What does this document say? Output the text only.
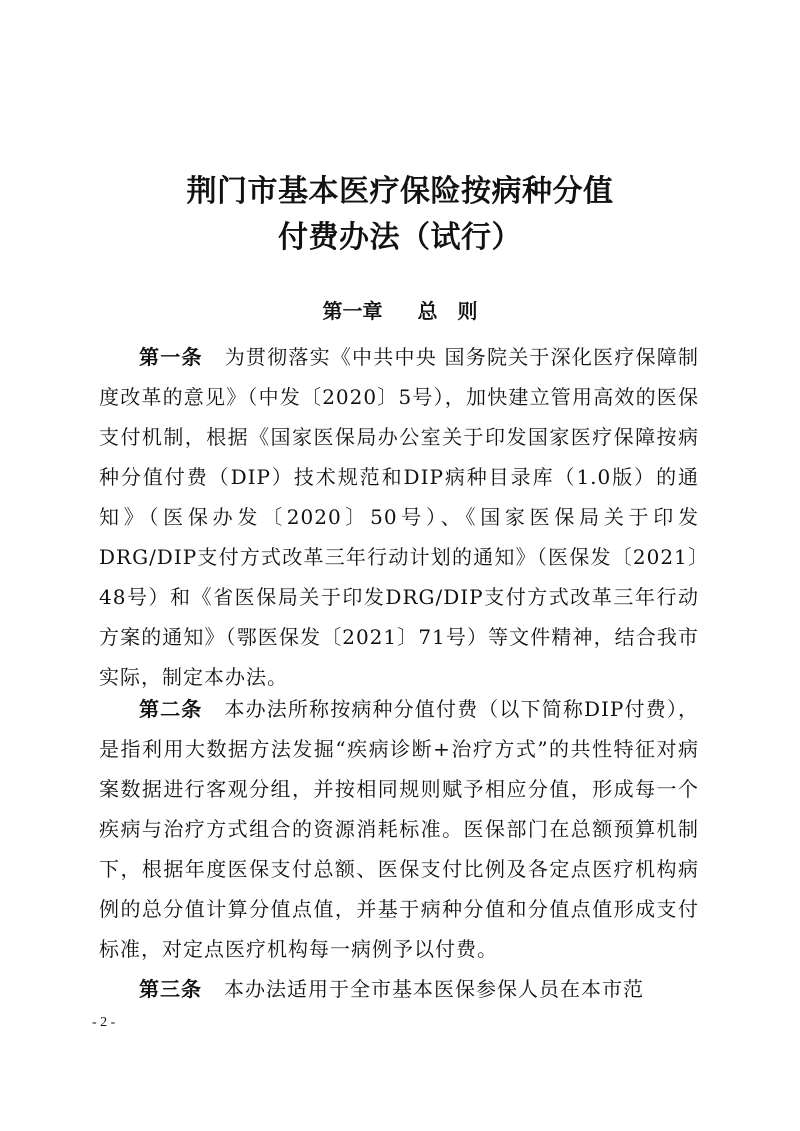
荆门市基本医疗保险按病种分值
付费办法（试行）
第一章 总　则

第一条 为贯彻落实《中共中央 国务院关于深化医疗保障制度改革的意见》（中发〔2020〕5号），加快建立管用高效的医保支付机制，根据《国家医保局办公室关于印发国家医疗保障按病种分值付费（DIP）技术规范和DIP病种目录库（1.0版）的通知》（医保办发〔2020〕50号）、《国家医保局关于印发DRG/DIP支付方式改革三年行动计划的通知》（医保发〔2021〕48号）和《省医保局关于印发DRG/DIP支付方式改革三年行动方案的通知》（鄂医保发〔2021〕71号）等文件精神，结合我市实际，制定本办法。

第二条 本办法所称按病种分值付费（以下简称DIP付费），是指利用大数据方法发掘“疾病诊断+治疗方式”的共性特征对病案数据进行客观分组，并按相同规则赋予相应分值，形成每一个疾病与治疗方式组合的资源消耗标准。医保部门在总额预算机制下，根据年度医保支付总额、医保支付比例及各定点医疗机构病例的总分值计算分值点值，并基于病种分值和分值点值形成支付标准，对定点医疗机构每一病例予以付费。

第三条 本办法适用于全市基本医保参保人员在本市范

- 2 -
